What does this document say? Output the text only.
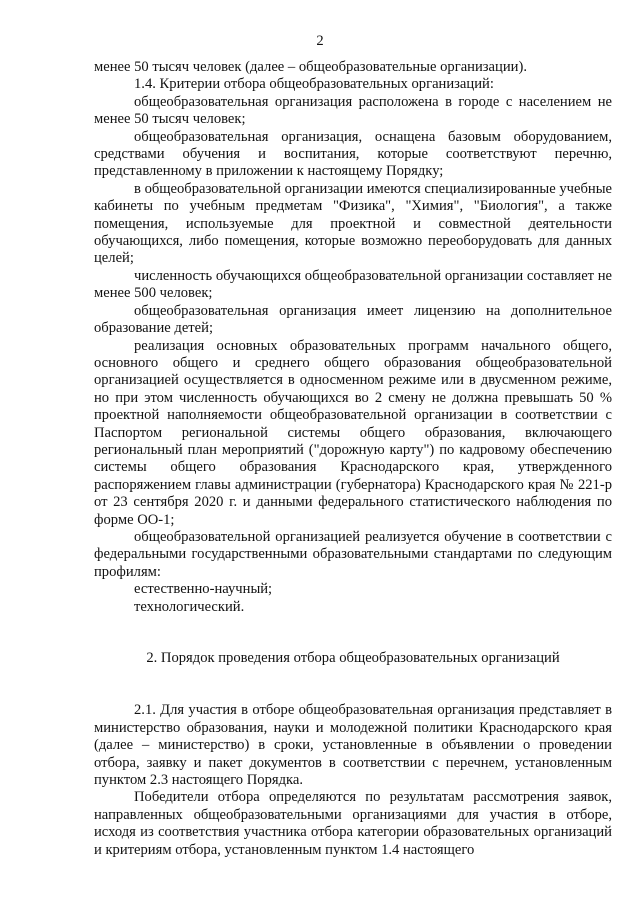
2

менее 50 тысяч человек (далее – общеобразовательные организации).

1.4. Критерии отбора общеобразовательных организаций:

общеобразовательная организация расположена в городе с населением не менее 50 тысяч человек;

общеобразовательная организация, оснащена базовым оборудованием, средствами обучения и воспитания, которые соответствуют перечню, представленному в приложении к настоящему Порядку;

в общеобразовательной организации имеются специализированные учебные кабинеты по учебным предметам "Физика", "Химия", "Биология", а также помещения, используемые для проектной и совместной деятельности обучающихся, либо помещения, которые возможно переоборудовать для данных целей;

численность обучающихся общеобразовательной организации составляет не менее 500 человек;

общеобразовательная организация имеет лицензию на дополнительное образование детей;

реализация основных образовательных программ начального общего, основного общего и среднего общего образования общеобразовательной организацией осуществляется в односменном режиме или в двусменном режиме, но при этом численность обучающихся во 2 смену не должна превышать 50 % проектной наполняемости общеобразовательной организации в соответствии с Паспортом региональной системы общего образования, включающего региональный план мероприятий ("дорожную карту") по кадровому обеспечению системы общего образования Краснодарского края, утвержденного распоряжением главы администрации (губернатора) Краснодарского края № 221-р от 23 сентября 2020 г. и данными федерального статистического наблюдения по форме ОО-1;

общеобразовательной организацией реализуется обучение в соответствии с федеральными государственными образовательными стандартами по следующим профилям:

естественно-научный;

технологический.

2. Порядок проведения отбора общеобразовательных организаций

2.1. Для участия в отборе общеобразовательная организация представляет в министерство образования, науки и молодежной политики Краснодарского края (далее – министерство) в сроки, установленные в объявлении о проведении отбора, заявку и пакет документов в соответствии с перечнем, установленным пунктом 2.3 настоящего Порядка.

Победители отбора определяются по результатам рассмотрения заявок, направленных общеобразовательными организациями для участия в отборе, исходя из соответствия участника отбора категории образовательных организаций и критериям отбора, установленным пунктом 1.4 настоящего
